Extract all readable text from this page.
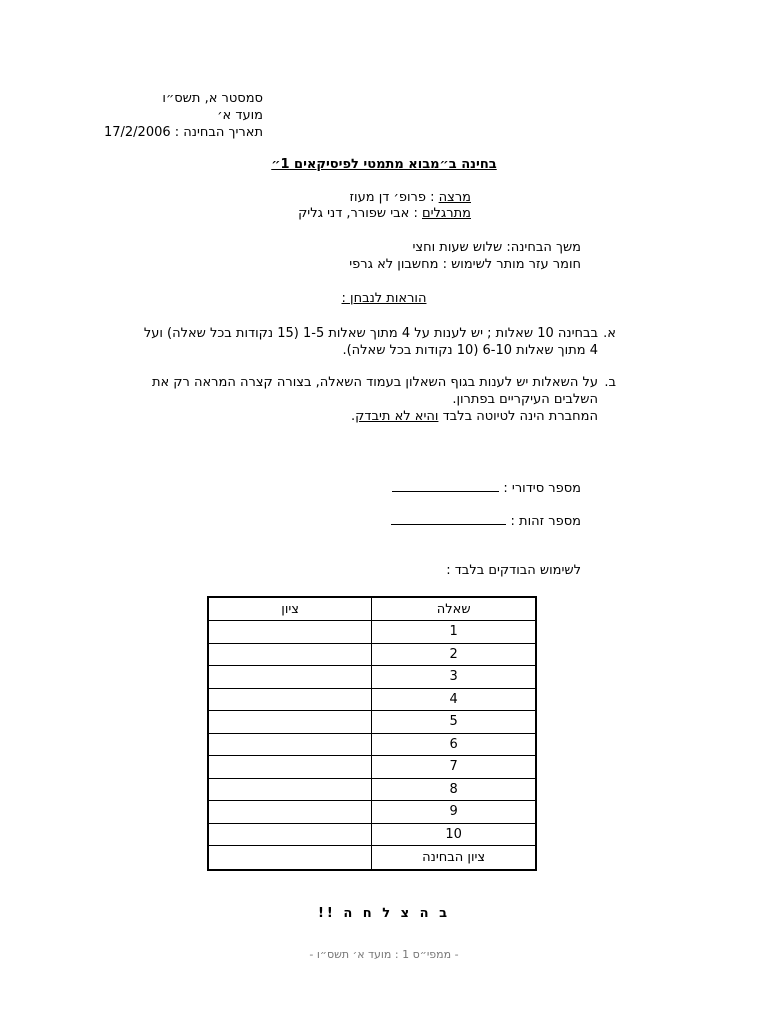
סמסטר א, תשס״ו
מועד א׳
תאריך הבחינה : 17/2/2006
בחינה ב״מבוא מתמטי לפיסיקאים 1״
מרצה : פרופ׳ דן מעוז
מתרגלים : אבי שפורר, דני גליק
משך הבחינה: שלוש שעות וחצי
חומר עזר מותר לשימוש : מחשבון לא גרפי
הוראות לנבחן :
א.
בבחינה 10 שאלות ; יש לענות על 4 מתוך שאלות 1-5 (15 נקודות בכל שאלה) ועל 4 מתוך שאלות 6-10 (10 נקודות בכל שאלה).
ב.
על השאלות יש לענות בגוף השאלון בעמוד השאלה, בצורה קצרה המראה רק את השלבים העיקריים בפתרון.
המחברת הינה לטיוטה בלבד והיא לא תיבדק.
מספר סידורי :
מספר זהות :
לשימוש הבודקים בלבד :
שאלה	ציון
1	
2	
3	
4	
5	
6	
7	
8	
9	
10	
ציון הבחינה	
ב ה צ ל ח ה !!
- ממפי״ס 1 : מועד א׳ תשס״ו -
